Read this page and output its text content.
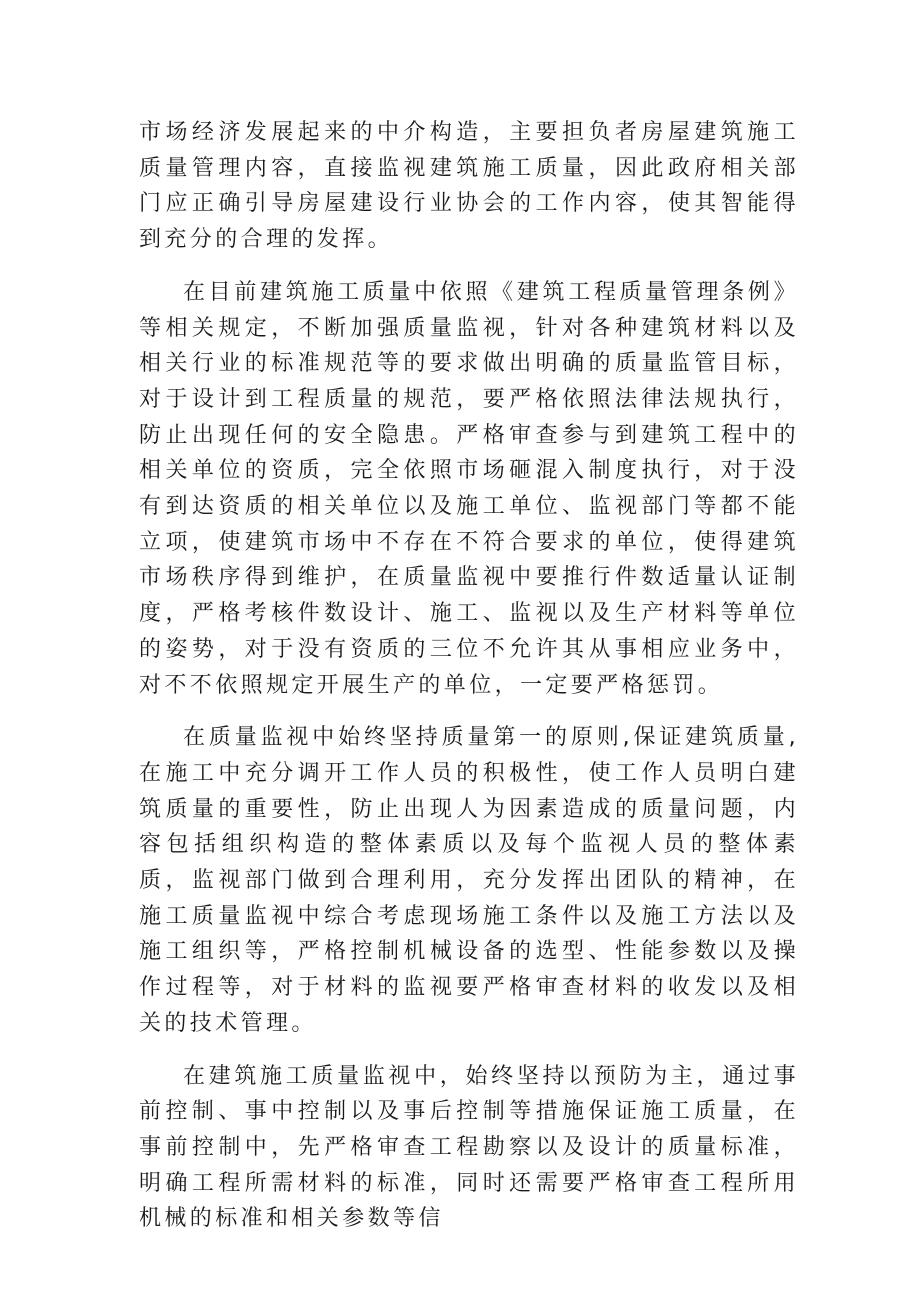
市场经济发展起来的中介构造，主要担负者房屋建筑施工质量管理内容，直接监视建筑施工质量，因此政府相关部门应正确引导房屋建设行业协会的工作内容，使其智能得到充分的合理的发挥。

在目前建筑施工质量中依照《建筑工程质量管理条例》等相关规定，不断加强质量监视，针对各种建筑材料以及相关行业的标准规范等的要求做出明确的质量监管目标，对于设计到工程质量的规范，要严格依照法律法规执行，防止出现任何的安全隐患。严格审查参与到建筑工程中的相关单位的资质，完全依照市场砸混入制度执行，对于没有到达资质的相关单位以及施工单位、监视部门等都不能立项，使建筑市场中不存在不符合要求的单位，使得建筑市场秩序得到维护，在质量监视中要推行件数适量认证制度，严格考核件数设计、施工、监视以及生产材料等单位的姿势，对于没有资质的三位不允许其从事相应业务中，对不不依照规定开展生产的单位，一定要严格惩罚。

在质量监视中始终坚持质量第一的原则,保证建筑质量,在施工中充分调开工作人员的积极性，使工作人员明白建筑质量的重要性，防止出现人为因素造成的质量问题，内容包括组织构造的整体素质以及每个监视人员的整体素质，监视部门做到合理利用，充分发挥出团队的精神，在施工质量监视中综合考虑现场施工条件以及施工方法以及施工组织等，严格控制机械设备的选型、性能参数以及操作过程等，对于材料的监视要严格审查材料的收发以及相关的技术管理。

在建筑施工质量监视中，始终坚持以预防为主，通过事前控制、事中控制以及事后控制等措施保证施工质量，在事前控制中，先严格审查工程勘察以及设计的质量标准，明确工程所需材料的标准，同时还需要严格审查工程所用机械的标准和相关参数等信
